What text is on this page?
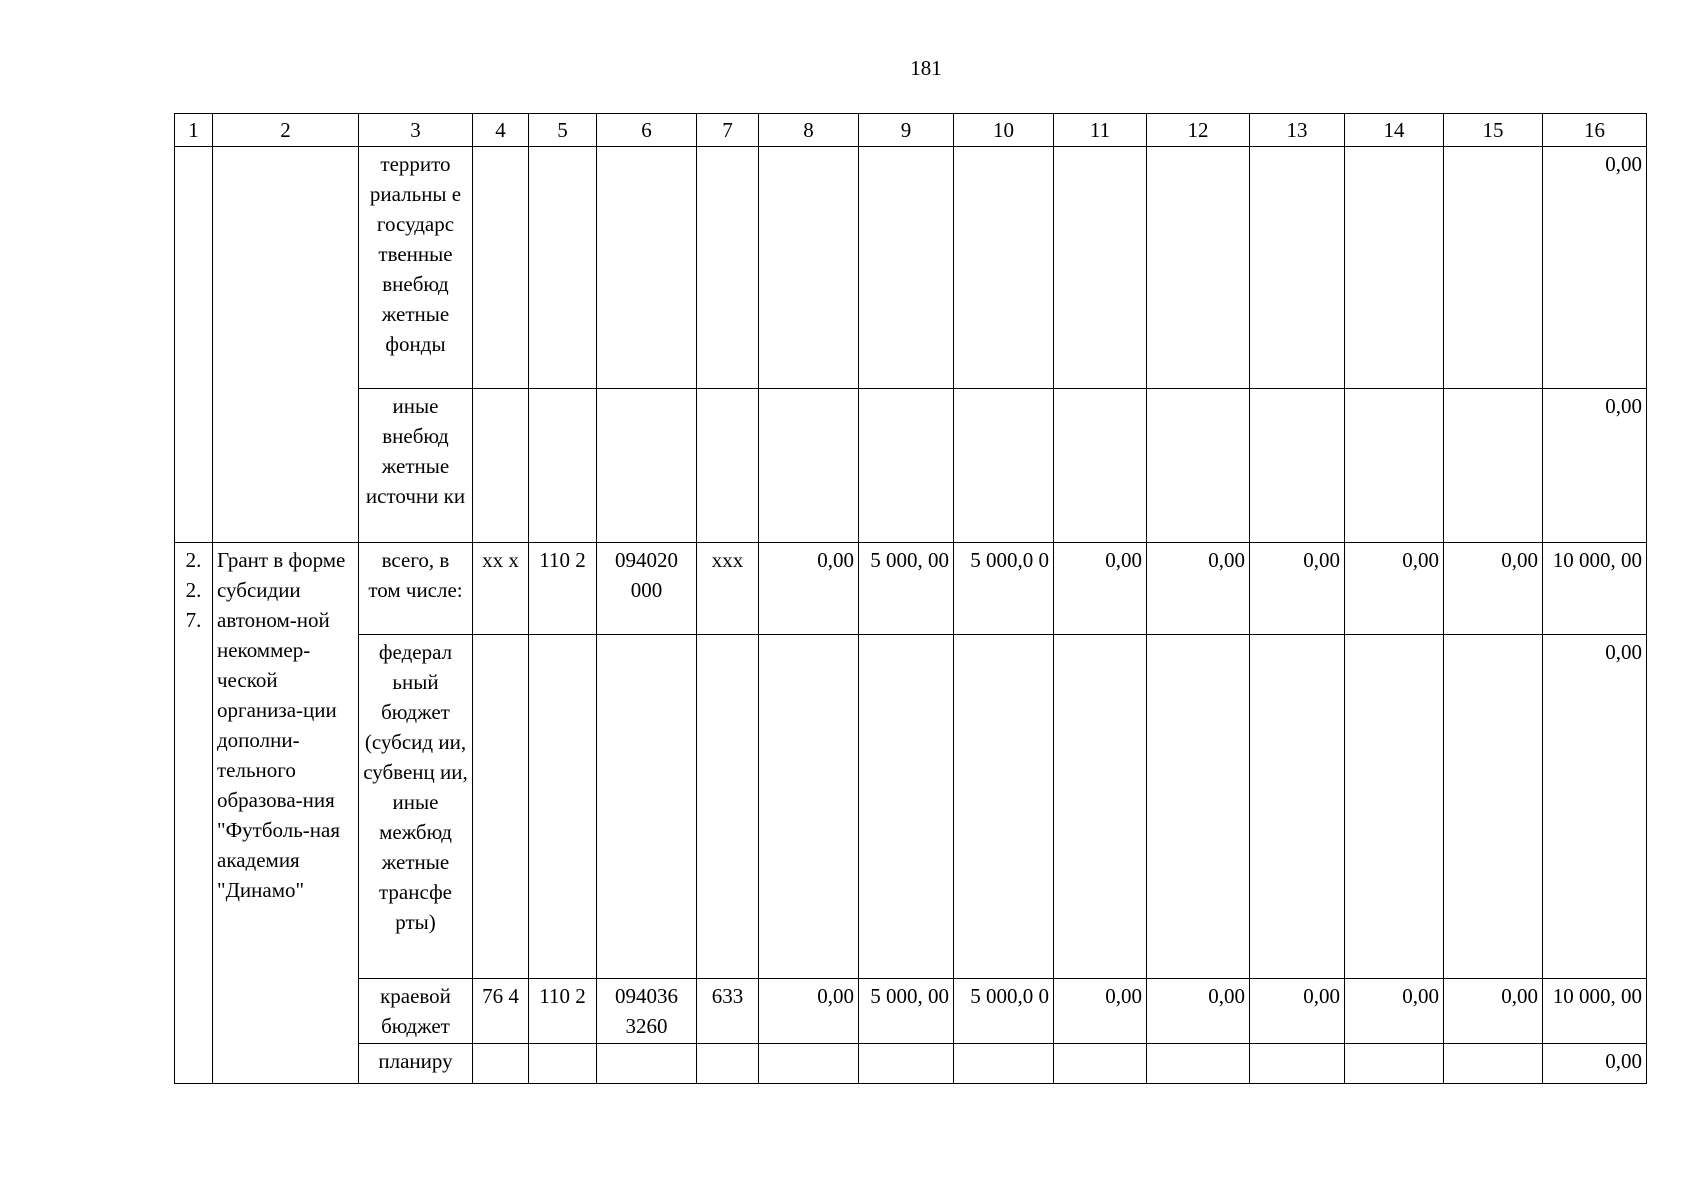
181
1	2	3	4	5	6	7	8	9	10	11	12	13	14	15	16
		террито риальны е государс твенные внебюд жетные фонды													0,00
		иные внебюд жетные источни ки													0,00
2. 2. 7.	Грант в форме субсидии автоном-ной некоммер-ческой организа-ции дополни-тельного образова-ния "Футболь-ная академия "Динамо"	всего, в том числе:	xx x	110 2	094020 000	xxx	0,00	5 000, 00	5 000,0 0	0,00	0,00	0,00	0,00	0,00	10 000, 00
		федерал ьный бюджет (субсид ии, субвенц ии, иные межбюд жетные трансфе рты)													0,00
		краевой бюджет	76 4	110 2	094036 3260	633	0,00	5 000, 00	5 000,0 0	0,00	0,00	0,00	0,00	0,00	10 000, 00
		планиру													0,00
